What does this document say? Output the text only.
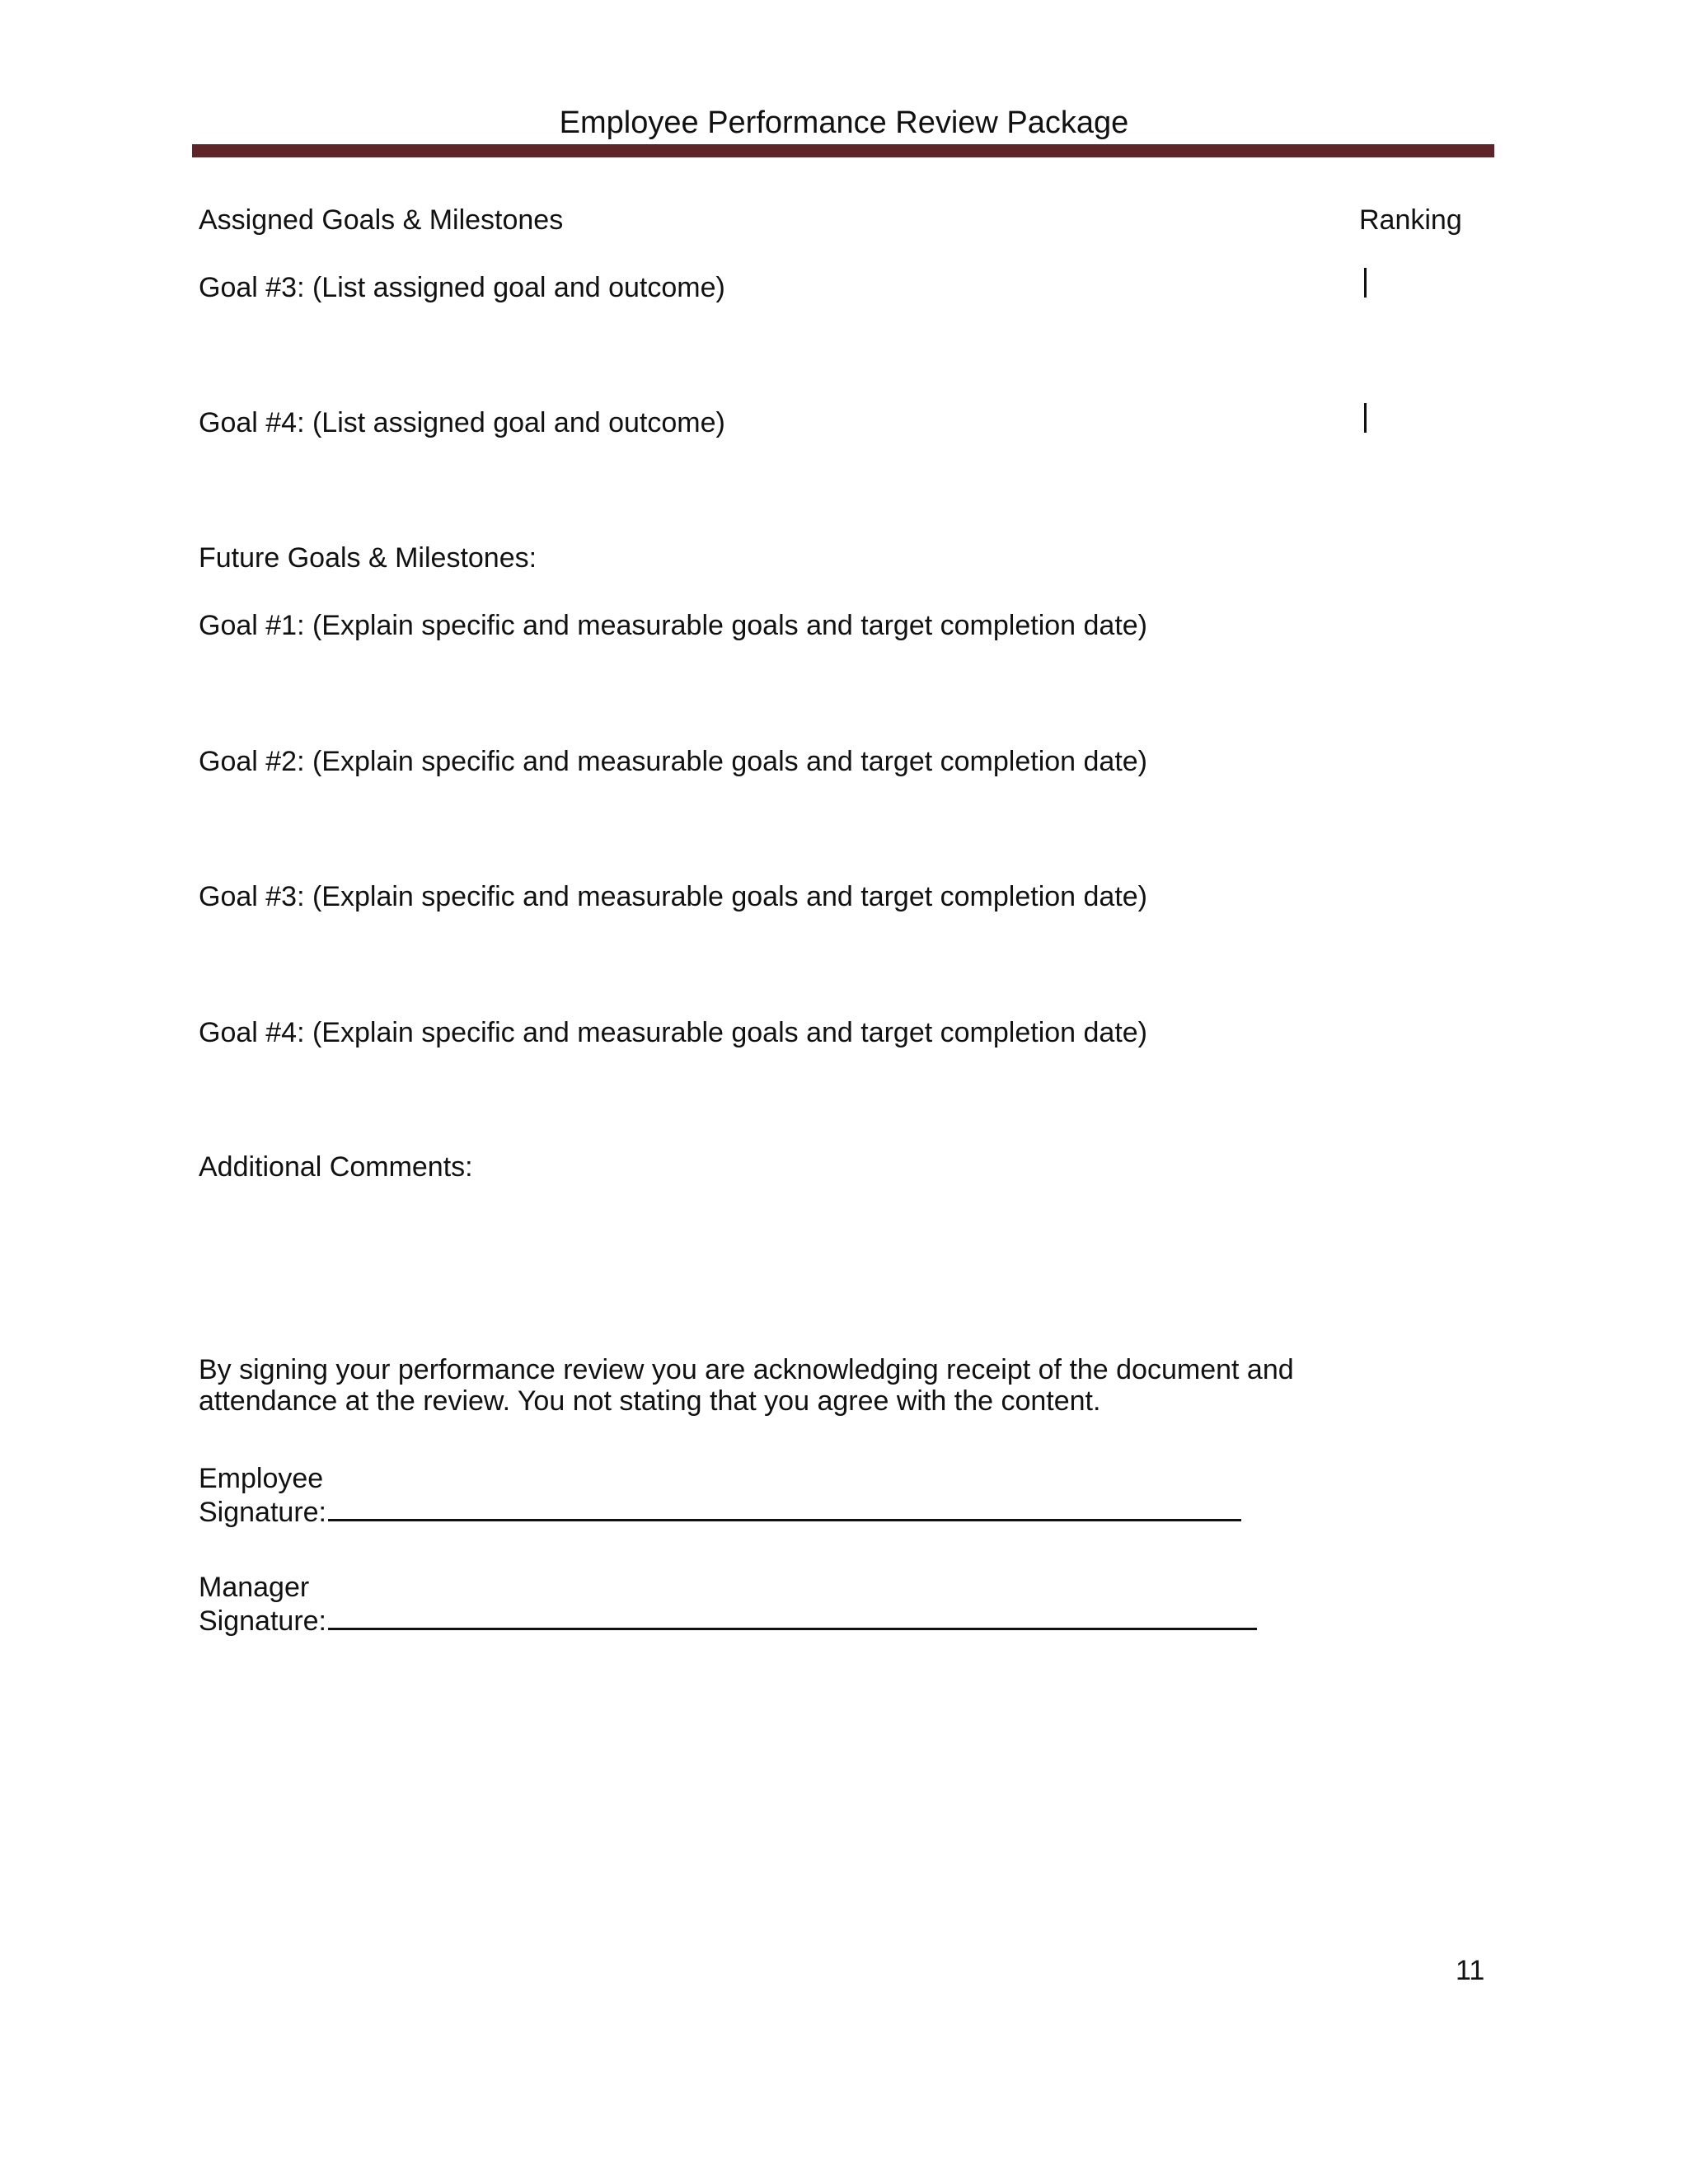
Employee Performance Review Package
Assigned Goals & Milestones	Ranking
Goal #3: (List assigned goal and outcome)
Goal #4: (List assigned goal and outcome)
Future Goals & Milestones:
Goal #1: (Explain specific and measurable goals and target completion date)
Goal #2: (Explain specific and measurable goals and target completion date)
Goal #3: (Explain specific and measurable goals and target completion date)
Goal #4: (Explain specific and measurable goals and target completion date)
Additional Comments:
By signing your performance review you are acknowledging receipt of the document and
attendance at the review. You not stating that you agree with the content.
Employee
Signature:
Manager
Signature:
11
